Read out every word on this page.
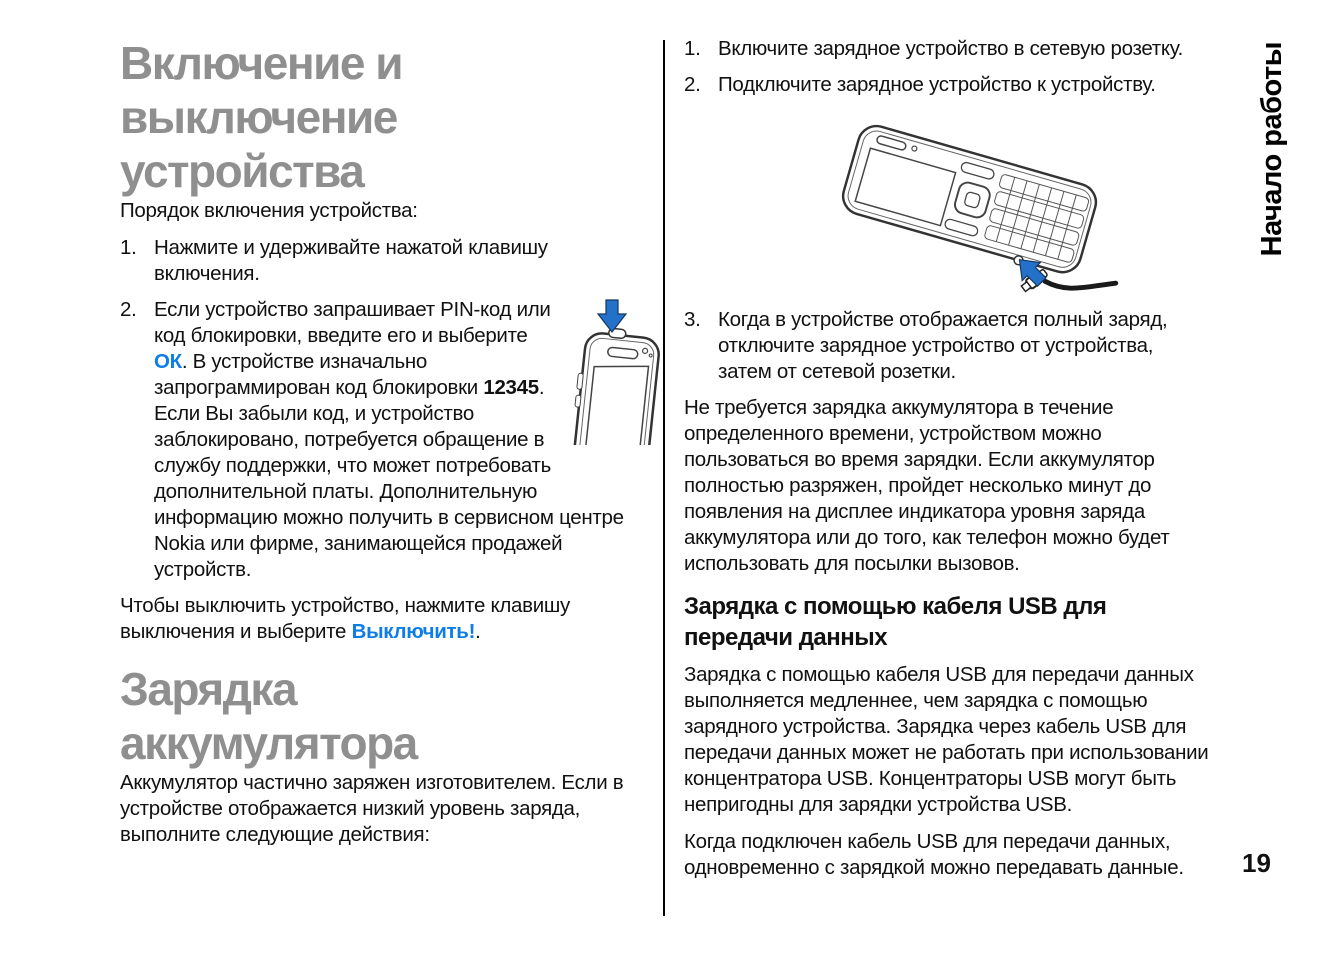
Включение и
выключение
устройства

Порядок включения устройства:

1. Нажмите и удерживайте нажатой клавишу включения.
2. Если устройство запрашивает PIN-код или код блокировки, введите его и выберите ОК. В устройстве изначально запрограммирован код блокировки 12345. Если Вы забыли код, и устройство заблокировано, потребуется обращение в службу поддержки, что может потребовать дополнительной платы. Дополнительную информацию можно получить в сервисном центре Nokia или фирме, занимающейся продажей устройств.

Чтобы выключить устройство, нажмите клавишу выключения и выберите Выключить!.

Зарядка
аккумулятора

Аккумулятор частично заряжен изготовителем. Если в устройстве отображается низкий уровень заряда, выполните следующие действия:

1. Включите зарядное устройство в сетевую розетку.
2. Подключите зарядное устройство к устройству.
3. Когда в устройстве отображается полный заряд, отключите зарядное устройство от устройства, затем от сетевой розетки.

Не требуется зарядка аккумулятора в течение определенного времени, устройством можно пользоваться во время зарядки. Если аккумулятор полностью разряжен, пройдет несколько минут до появления на дисплее индикатора уровня заряда аккумулятора или до того, как телефон можно будет использовать для посылки вызовов.

Зарядка с помощью кабеля USB для передачи данных

Зарядка с помощью кабеля USB для передачи данных выполняется медленнее, чем зарядка с помощью зарядного устройства. Зарядка через кабель USB для передачи данных может не работать при использовании концентратора USB. Концентраторы USB могут быть непригодны для зарядки устройства USB.

Когда подключен кабель USB для передачи данных, одновременно с зарядкой можно передавать данные.

Начало работы
19
